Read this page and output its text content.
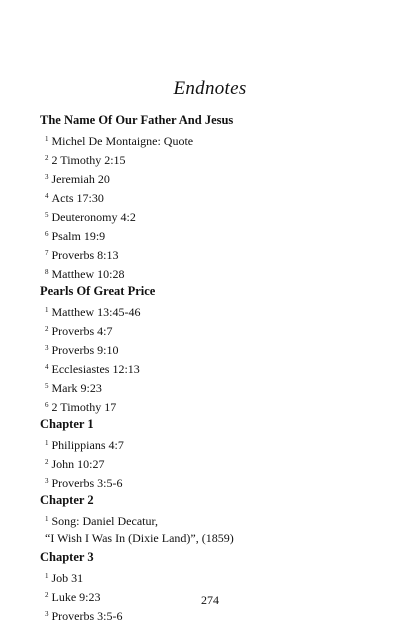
Endnotes
The Name Of Our Father And Jesus
$^1$ Michel De Montaigne: Quote
$^2$ 2 Timothy 2:15
$^3$ Jeremiah 20
$^4$ Acts 17:30
$^5$ Deuteronomy 4:2
$^6$ Psalm 19:9
$^7$ Proverbs 8:13
$^8$ Matthew 10:28
Pearls Of Great Price
$^1$ Matthew 13:45-46
$^2$ Proverbs 4:7
$^3$ Proverbs 9:10
$^4$ Ecclesiastes 12:13
$^5$ Mark 9:23
$^6$ 2 Timothy 17
Chapter 1
$^1$ Philippians 4:7
$^2$ John 10:27
$^3$ Proverbs 3:5-6
Chapter 2
$^1$ Song: Daniel Decatur,
“I Wish I Was In (Dixie Land)”, (1859)
Chapter 3
$^1$ Job 31
$^2$ Luke 9:23
$^3$ Proverbs 3:5-6
274
